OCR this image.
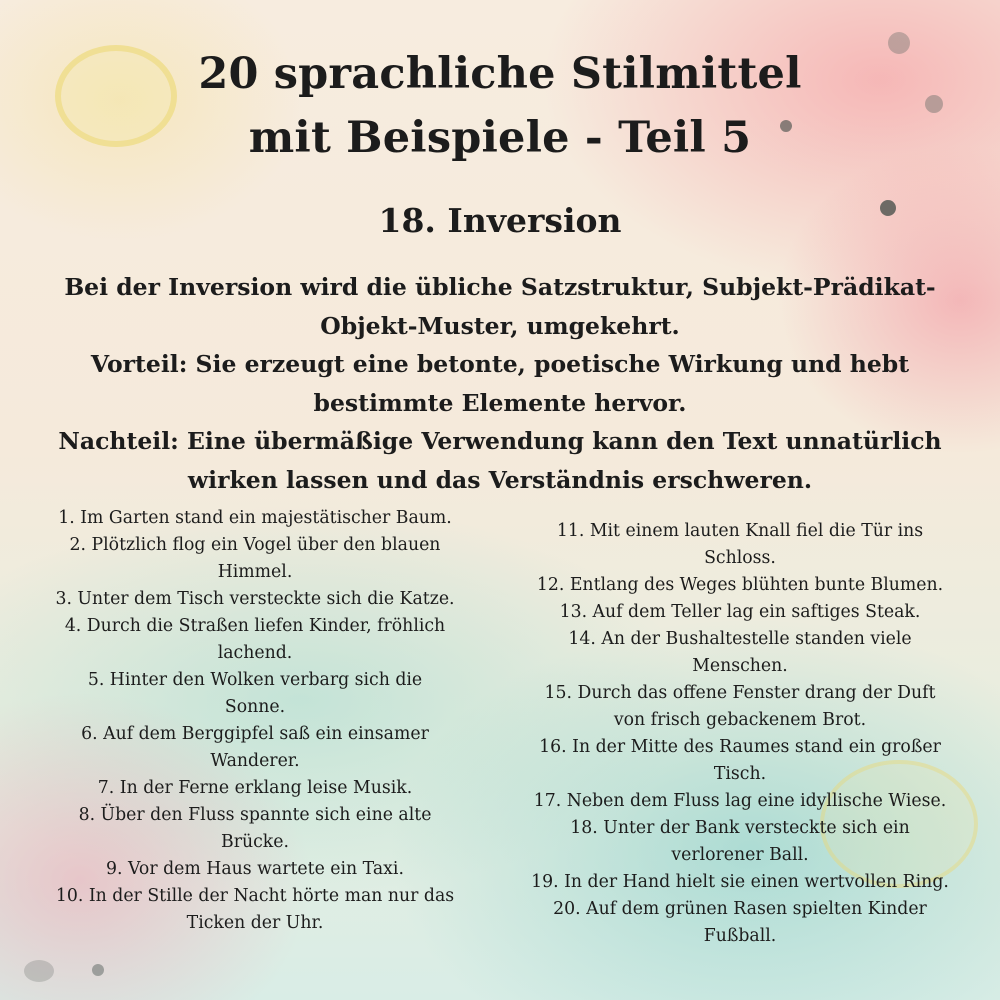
20 sprachliche Stilmittel
mit Beispiele - Teil 5
18. Inversion
Bei der Inversion wird die übliche Satzstruktur, Subjekt-Prädikat-
Objekt-Muster, umgekehrt.
Vorteil: Sie erzeugt eine betonte, poetische Wirkung und hebt
bestimmte Elemente hervor.
Nachteil: Eine übermäßige Verwendung kann den Text unnatürlich
wirken lassen und das Verständnis erschweren.
1. Im Garten stand ein majestätischer Baum.
2. Plötzlich flog ein Vogel über den blauen
Himmel.
3. Unter dem Tisch versteckte sich die Katze.
4. Durch die Straßen liefen Kinder, fröhlich
lachend.
5. Hinter den Wolken verbarg sich die
Sonne.
6. Auf dem Berggipfel saß ein einsamer
Wanderer.
7. In der Ferne erklang leise Musik.
8. Über den Fluss spannte sich eine alte
Brücke.
9. Vor dem Haus wartete ein Taxi.
10. In der Stille der Nacht hörte man nur das
Ticken der Uhr.
11. Mit einem lauten Knall fiel die Tür ins
Schloss.
12. Entlang des Weges blühten bunte Blumen.
13. Auf dem Teller lag ein saftiges Steak.
14. An der Bushaltestelle standen viele
Menschen.
15. Durch das offene Fenster drang der Duft
von frisch gebackenem Brot.
16. In der Mitte des Raumes stand ein großer
Tisch.
17. Neben dem Fluss lag eine idyllische Wiese.
18. Unter der Bank versteckte sich ein
verlorener Ball.
19. In der Hand hielt sie einen wertvollen Ring.
20. Auf dem grünen Rasen spielten Kinder
Fußball.
